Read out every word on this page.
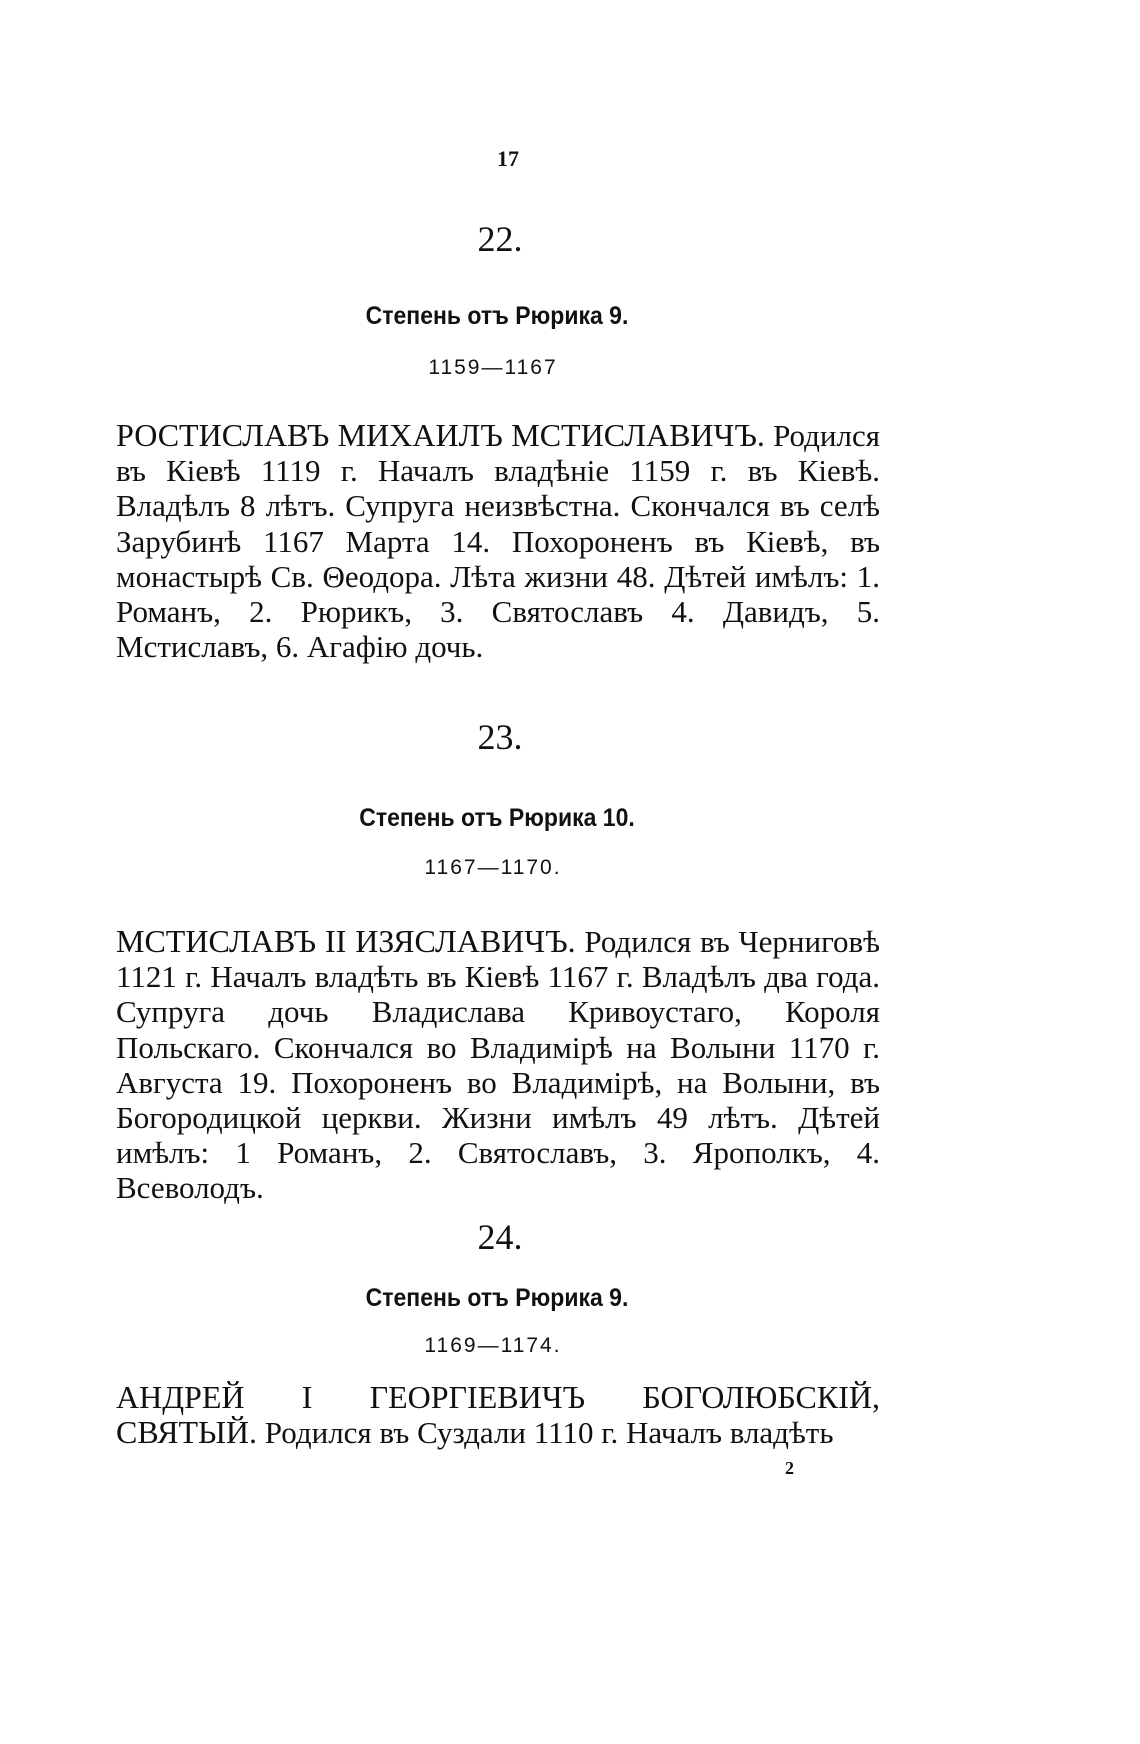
17
22.
Степень отъ Рюрика 9.
1159—1167

РОСТИСЛАВЪ МИХАИЛЪ МСТИСЛАВИЧЪ. Родился въ Кіевѣ 1119 г. Началъ владѣніе 1159 г. въ Кіевѣ. Владѣлъ 8 лѣтъ. Супруга неизвѣстна. Скончался въ селѣ Зарубинѣ 1167 Марта 14. Похороненъ въ Кіевѣ, въ монастырѣ Св. Θеодора. Лѣта жизни 48. Дѣтей имѣлъ: 1. Романъ, 2. Рюрикъ, 3. Святославъ 4. Давидъ, 5. Мстиславъ, 6. Агафію дочь.

23.
Степень отъ Рюрика 10.
1167—1170.

МСТИСЛАВЪ II ИЗЯСЛАВИЧЪ. Родился въ Черниговѣ 1121 г. Началъ владѣть въ Кіевѣ 1167 г. Владѣлъ два года. Супруга дочь Владислава Кривоустаго, Короля Польскаго. Скончался во Владимірѣ на Волыни 1170 г. Августа 19. Похороненъ во Владимірѣ, на Волыни, въ Богородицкой церкви. Жизни имѣлъ 49 лѣтъ. Дѣтей имѣлъ: 1 Романъ, 2. Святославъ, 3. Ярополкъ, 4. Всеволодъ.

24.
Степень отъ Рюрика 9.
1169—1174.

АНДРЕЙ I ГЕОРГІЕВИЧЪ БОГОЛЮБСКІЙ, СВЯТЫЙ. Родился въ Суздали 1110 г. Началъ владѣть

2
